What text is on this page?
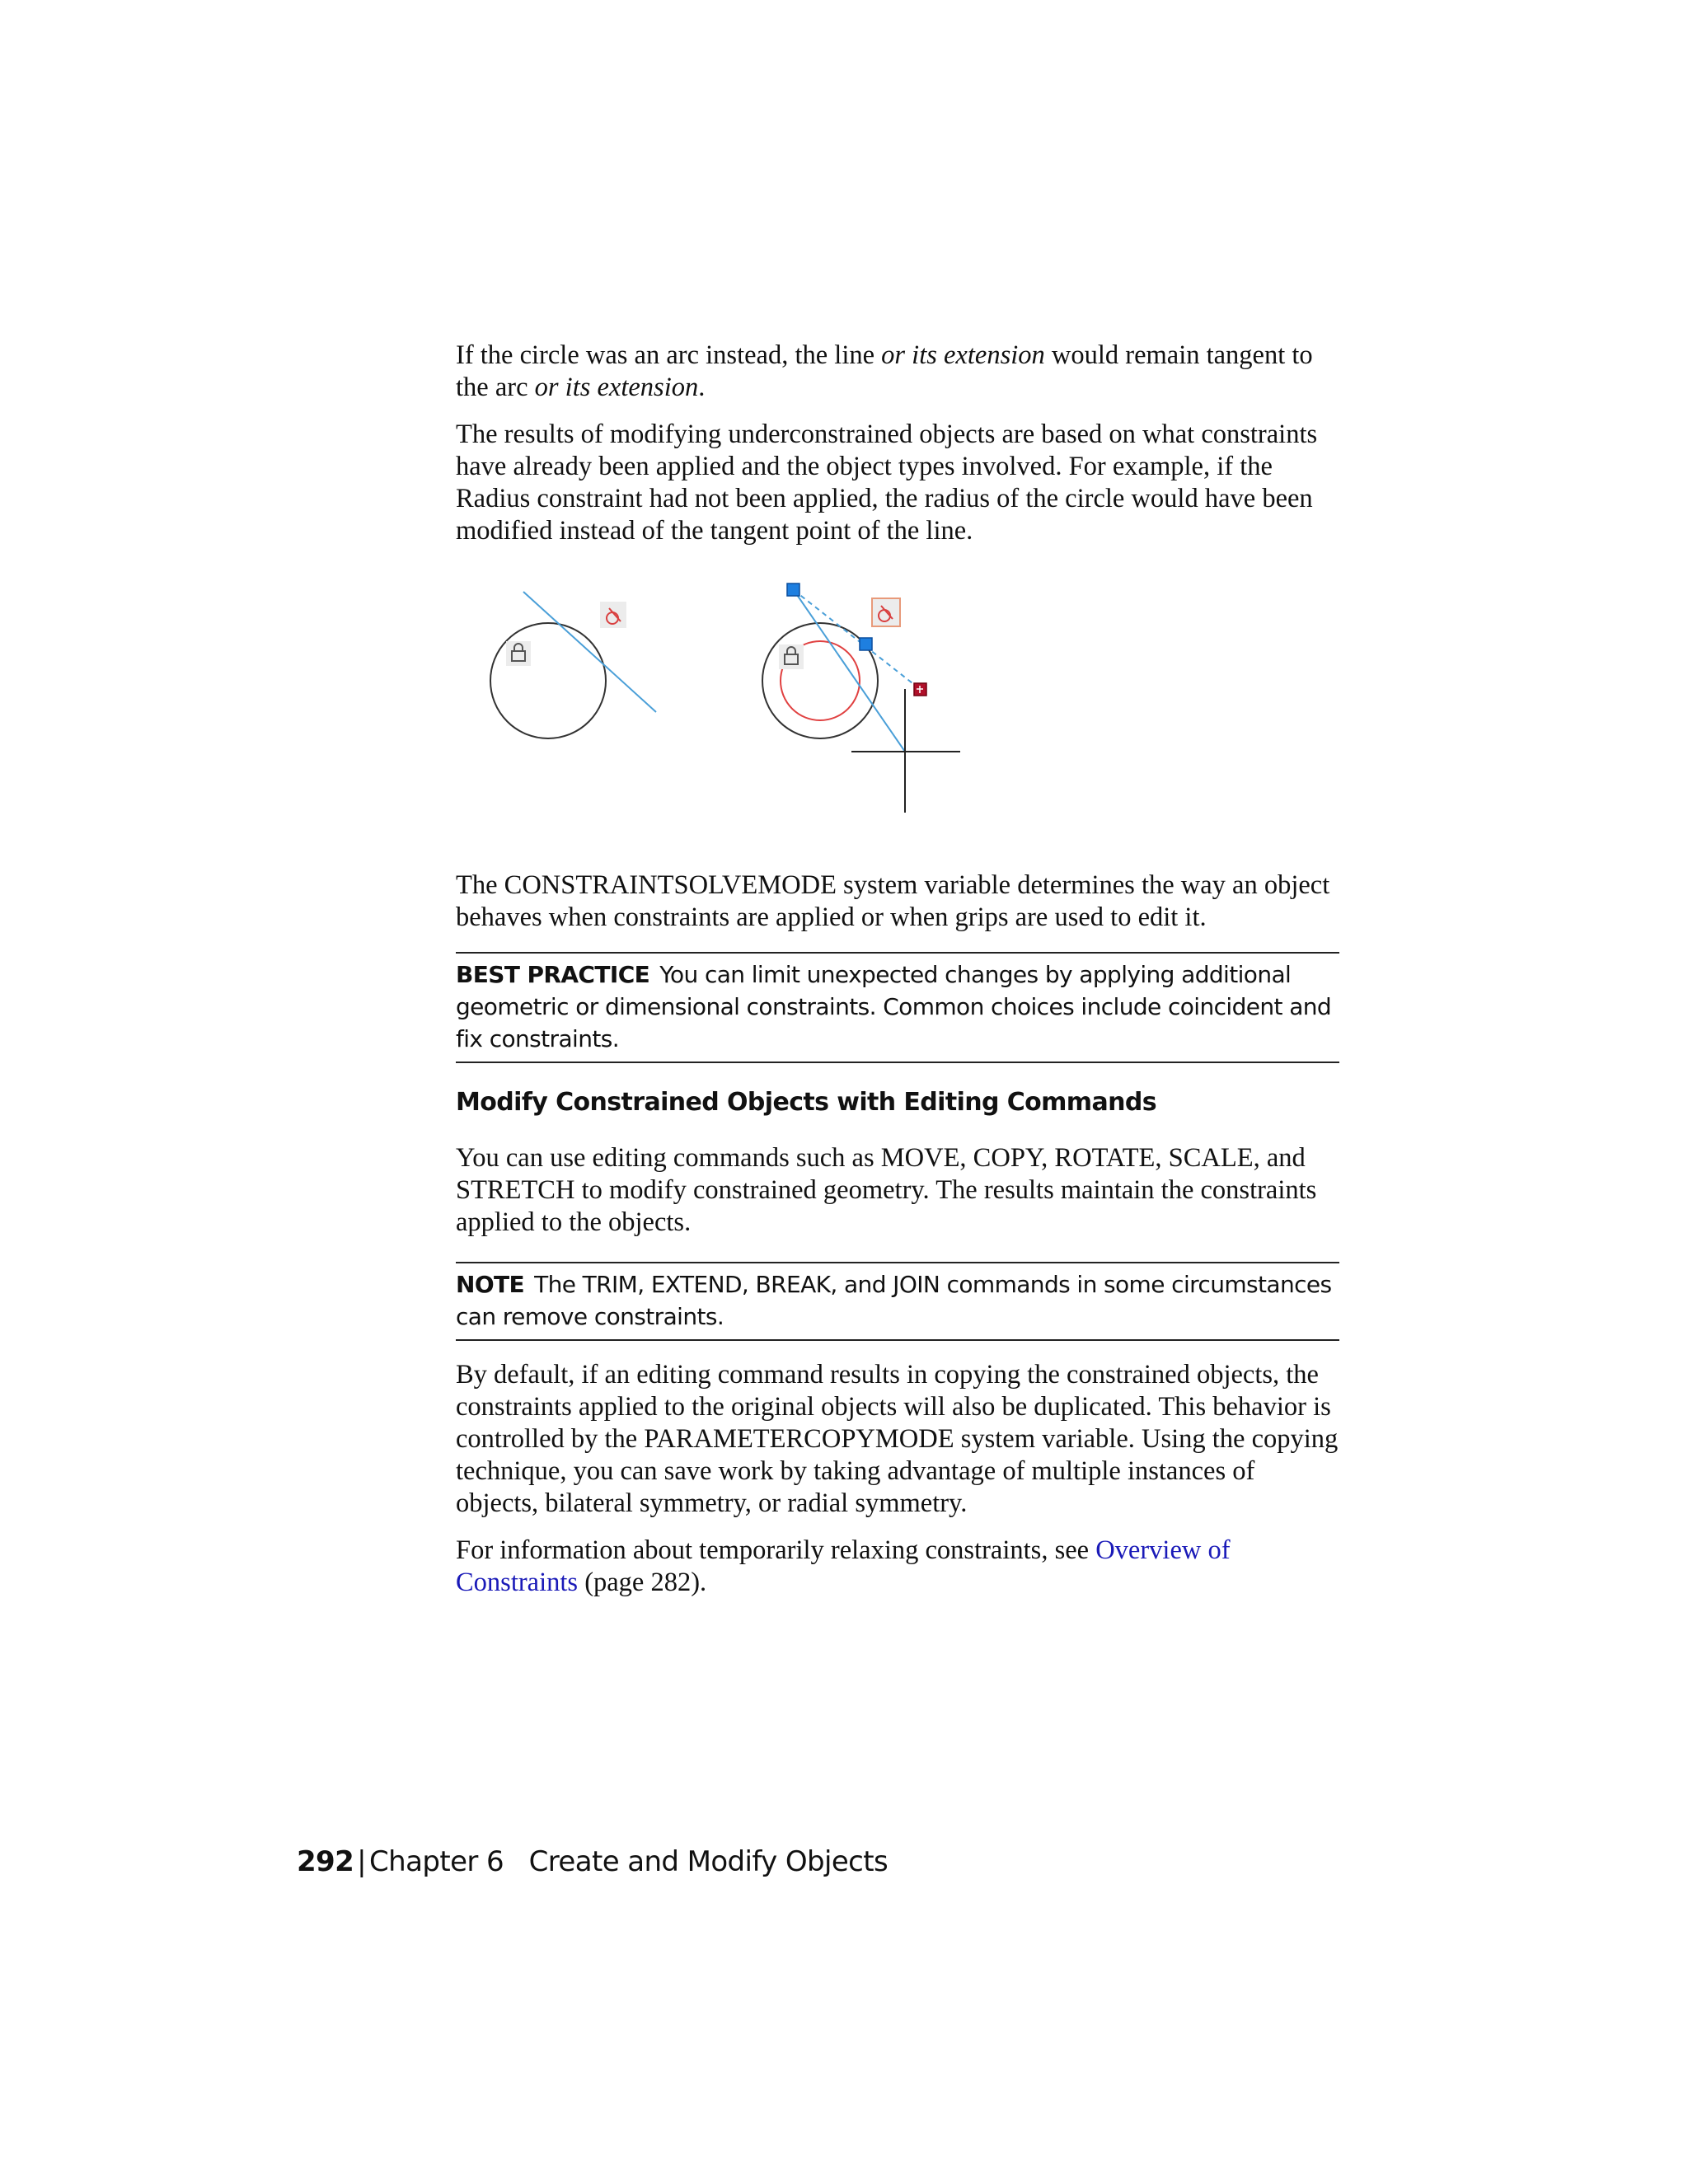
If the circle was an arc instead, the line or its extension would remain tangent to the arc or its extension.

The results of modifying underconstrained objects are based on what constraints have already been applied and the object types involved. For example, if the Radius constraint had not been applied, the radius of the circle would have been modified instead of the tangent point of the line.

The CONSTRAINTSOLVEMODE system variable determines the way an object behaves when constraints are applied or when grips are used to edit it.

BEST PRACTICE You can limit unexpected changes by applying additional geometric or dimensional constraints. Common choices include coincident and fix constraints.
Modify Constrained Objects with Editing Commands

You can use editing commands such as MOVE, COPY, ROTATE, SCALE, and STRETCH to modify constrained geometry. The results maintain the constraints applied to the objects.

NOTE The TRIM, EXTEND, BREAK, and JOIN commands in some circumstances can remove constraints.

By default, if an editing command results in copying the constrained objects, the constraints applied to the original objects will also be duplicated. This behavior is controlled by the PARAMETERCOPYMODE system variable. Using the copying technique, you can save work by taking advantage of multiple instances of objects, bilateral symmetry, or radial symmetry.

For information about temporarily relaxing constraints, see Overview of Constraints (page 282).

292 | Chapter 6 Create and Modify Objects
